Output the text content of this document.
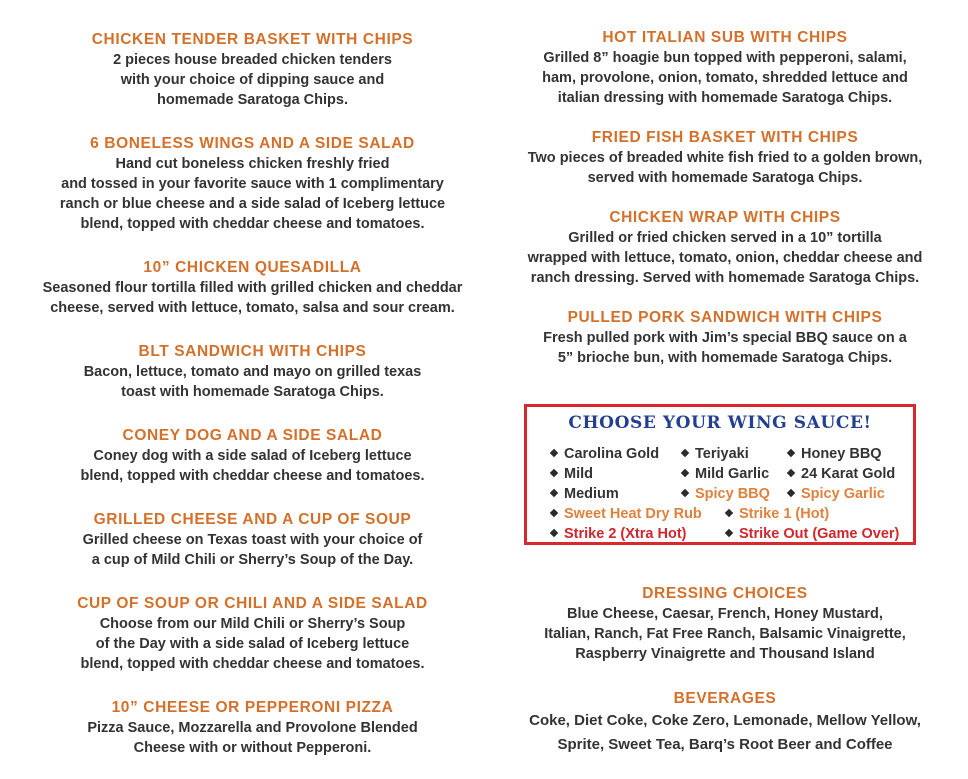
CHICKEN TENDER BASKET WITH CHIPS

2 pieces house breaded chicken tenders
with your choice of dipping sauce and
homemade Saratoga Chips.

6 BONELESS WINGS AND A SIDE SALAD

Hand cut boneless chicken freshly fried
and tossed in your favorite sauce with 1 complimentary
ranch or blue cheese and a side salad of Iceberg lettuce
blend, topped with cheddar cheese and tomatoes.

10” CHICKEN QUESADILLA

Seasoned flour tortilla filled with grilled chicken and cheddar
cheese, served with lettuce, tomato, salsa and sour cream.

BLT SANDWICH WITH CHIPS

Bacon, lettuce, tomato and mayo on grilled texas
toast with homemade Saratoga Chips.

CONEY DOG AND A SIDE SALAD

Coney dog with a side salad of Iceberg lettuce
blend, topped with cheddar cheese and tomatoes.

GRILLED CHEESE AND A CUP OF SOUP

Grilled cheese on Texas toast with your choice of
a cup of Mild Chili or Sherry’s Soup of the Day.

CUP OF SOUP OR CHILI AND A SIDE SALAD

Choose from our Mild Chili or Sherry’s Soup
of the Day with a side salad of Iceberg lettuce
blend, topped with cheddar cheese and tomatoes.

10” CHEESE OR PEPPERONI PIZZA

Pizza Sauce, Mozzarella and Provolone Blended
Cheese with or without Pepperoni.

HOT ITALIAN SUB WITH CHIPS

Grilled 8” hoagie bun topped with pepperoni, salami,
ham, provolone, onion, tomato, shredded lettuce and
italian dressing with homemade Saratoga Chips.

FRIED FISH BASKET WITH CHIPS

Two pieces of breaded white fish fried to a golden brown,
served with homemade Saratoga Chips.

CHICKEN WRAP WITH CHIPS

Grilled or fried chicken served in a 10” tortilla
wrapped with lettuce, tomato, onion, cheddar cheese and
ranch dressing. Served with homemade Saratoga Chips.

PULLED PORK SANDWICH WITH CHIPS

Fresh pulled pork with Jim’s special BBQ sauce on a
5” brioche bun, with homemade Saratoga Chips.

CHOOSE YOUR WING SAUCE!
Carolina Gold	Teriyaki	Honey BBQ
Mild	Mild Garlic	24 Karat Gold
Medium	Spicy BBQ	Spicy Garlic
Sweet Heat Dry Rub	Strike 1 (Hot)
Strike 2 (Xtra Hot)	Strike Out (Game Over)

DRESSING CHOICES

Blue Cheese, Caesar, French, Honey Mustard,
Italian, Ranch, Fat Free Ranch, Balsamic Vinaigrette,
Raspberry Vinaigrette and Thousand Island

BEVERAGES

Coke, Diet Coke, Coke Zero, Lemonade, Mellow Yellow,
Sprite, Sweet Tea, Barq’s Root Beer and Coffee
